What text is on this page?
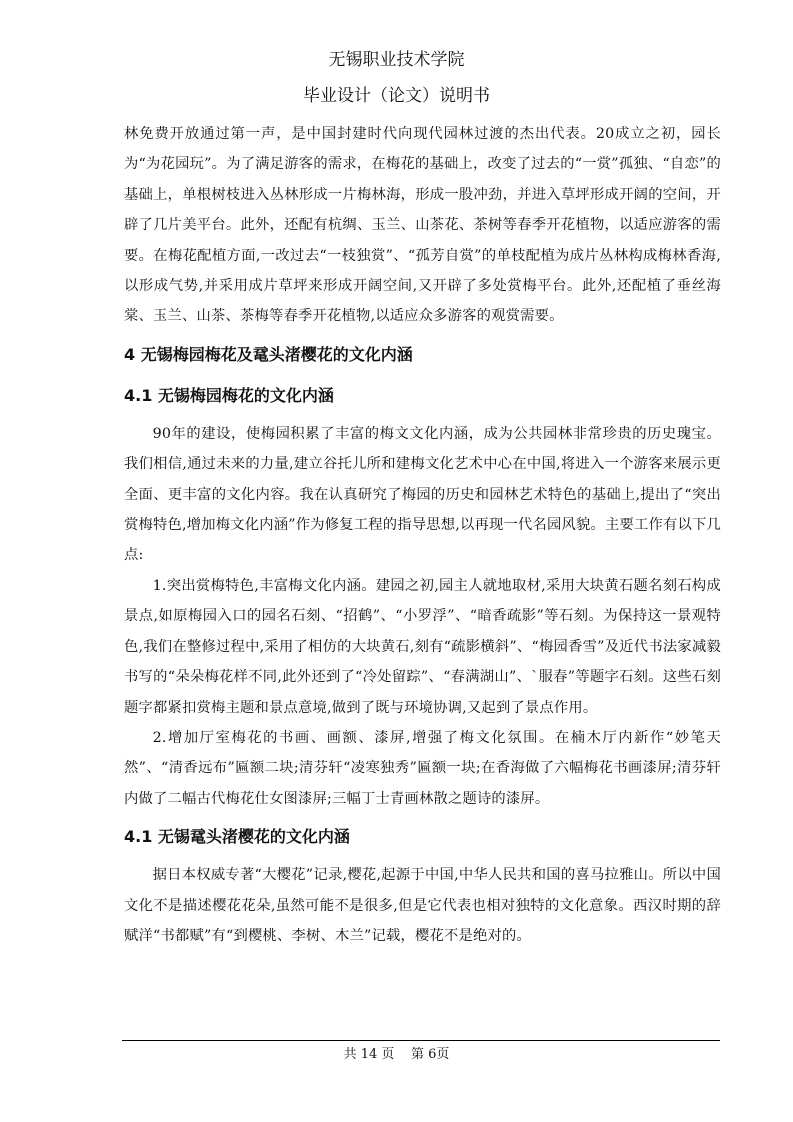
无锡职业技术学院
毕业设计（论文）说明书

林免费开放通过第一声，是中国封建时代向现代园林过渡的杰出代表。20成立之初，园长为“为花园玩”。为了满足游客的需求，在梅花的基础上，改变了过去的“一赏”孤独、“自恋”的基础上，单根树枝进入丛林形成一片梅林海，形成一股冲劲，并进入草坪形成开阔的空间，开辟了几片美平台。此外，还配有杭绸、玉兰、山茶花、茶树等春季开花植物，以适应游客的需要。在梅花配植方面,一改过去“一枝独赏”、“孤芳自赏”的单枝配植为成片丛林构成梅林香海,以形成气势,并采用成片草坪来形成开阔空间,又开辟了多处赏梅平台。此外,还配植了垂丝海棠、玉兰、山茶、茶梅等春季开花植物,以适应众多游客的观赏需要。

4 无锡梅园梅花及鼋头渚樱花的文化内涵
4.1 无锡梅园梅花的文化内涵

90年的建设，使梅园积累了丰富的梅文文化内涵，成为公共园林非常珍贵的历史瑰宝。我们相信,通过未来的力量,建立谷托儿所和建梅文化艺术中心在中国,将进入一个游客来展示更全面、更丰富的文化内容。我在认真研究了梅园的历史和园林艺术特色的基础上,提出了“突出赏梅特色,增加梅文化内涵”作为修复工程的指导思想,以再现一代名园风貌。主要工作有以下几点:

1.突出赏梅特色,丰富梅文化内涵。建园之初,园主人就地取材,采用大块黄石题名刻石构成景点,如原梅园入口的园名石刻、“招鹤”、“小罗浮”、“暗香疏影”等石刻。为保持这一景观特色,我们在整修过程中,采用了相仿的大块黄石,刻有“疏影横斜”、“梅园香雪”及近代书法家减毅书写的“朵朵梅花样不同,此外还到了“冷处留踪”、“春满湖山”、`服春”等题字石刻。这些石刻题字都紧扣赏梅主题和景点意境,做到了既与环境协调,又起到了景点作用。

2.增加厅室梅花的书画、画额、漆屏,增强了梅文化氛围。在楠木厅内新作“妙笔天然”、“清香远布”匾额二块;清芬轩“凌寒独秀”匾额一块;在香海做了六幅梅花书画漆屏;清芬轩内做了二幅古代梅花仕女图漆屏;三幅丁士青画林散之题诗的漆屏。

4.1 无锡鼋头渚樱花的文化内涵

据日本权威专著“大樱花”记录,樱花,起源于中国,中华人民共和国的喜马拉雅山。所以中国文化不是描述樱花花朵,虽然可能不是很多,但是它代表也相对独特的文化意象。西汉时期的辞赋洋“书都赋”有“到樱桃、李树、木兰”记载，樱花不是绝对的。

共 14 页 第 6页
